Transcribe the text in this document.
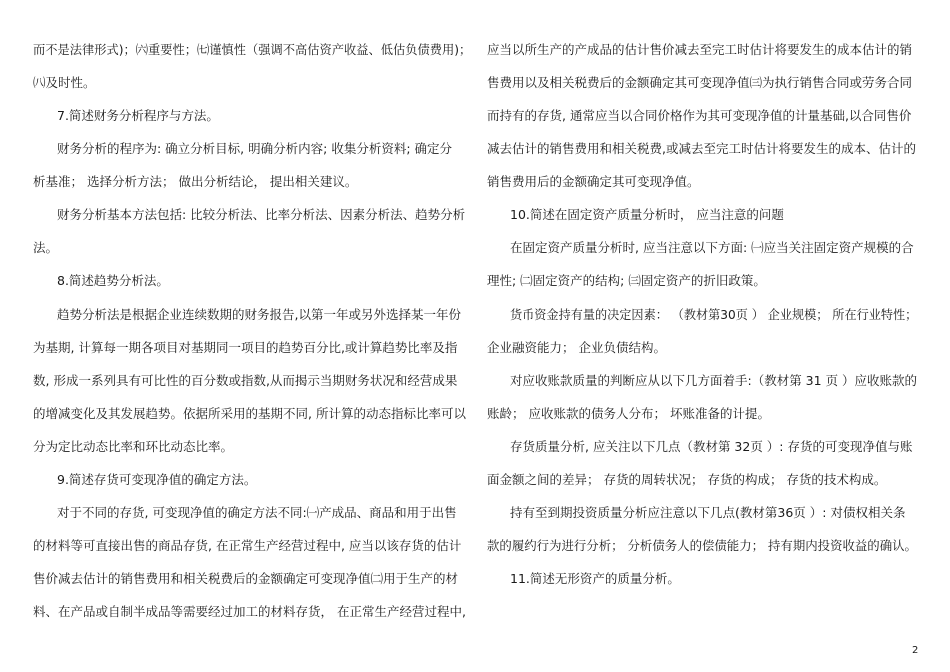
而不是法律形式)；㈥重要性；㈦谨慎性（强调不高估资产收益、低估负债费用)；
㈧及时性。
7.简述财务分析程序与方法。
财务分析的程序为: 确立分析目标, 明确分析内容; 收集分析资料; 确定分
析基准； 选择分析方法； 做出分析结论， 提出相关建议。
财务分析基本方法包括: 比较分析法、比率分析法、因素分析法、趋势分析
法。
8.简述趋势分析法。
趋势分析法是根据企业连续数期的财务报告,以第一年或另外选择某一年份
为基期, 计算每一期各项目对基期同一项目的趋势百分比,或计算趋势比率及指
数, 形成一系列具有可比性的百分数或指数,从而揭示当期财务状况和经营成果
的增减变化及其发展趋势。依据所采用的基期不同, 所计算的动态指标比率可以
分为定比动态比率和环比动态比率。
9.简述存货可变现净值的确定方法。
对于不同的存货, 可变现净值的确定方法不同:㈠产成品、商品和用于出售
的材料等可直接出售的商品存货, 在正常生产经营过程中, 应当以该存货的估计
售价减去估计的销售费用和相关税费后的金额确定可变现净值㈡用于生产的材
料、在产品或自制半成品等需要经过加工的材料存货， 在正常生产经营过程中,
应当以所生产的产成品的估计售价减去至完工时估计将要发生的成本估计的销
售费用以及相关税费后的金额确定其可变现净值㈢为执行销售合同或劳务合同
而持有的存货, 通常应当以合同价格作为其可变现净值的计量基础,以合同售价
减去估计的销售费用和相关税费,或减去至完工时估计将要发生的成本、估计的
销售费用后的金额确定其可变现净值。
10.简述在固定资产质量分析时， 应当注意的问题
在固定资产质量分析时, 应当注意以下方面: ㈠应当关注固定资产规模的合
理性; ㈡固定资产的结构; ㈢固定资产的折旧政策。
货币资金持有量的决定因素： （教材第30页 ） 企业规模； 所在行业特性；
企业融资能力； 企业负债结构。
对应收账款质量的判断应从以下几方面着手:（教材第 31 页 ）应收账款的
账龄； 应收账款的债务人分布； 坏账准备的计提。
存货质量分析, 应关注以下几点（教材第 32页 ）: 存货的可变现净值与账
面金额之间的差异； 存货的周转状况； 存货的构成； 存货的技术构成。
持有至到期投资质量分析应注意以下几点(教材第36页 ）: 对债权相关条
款的履约行为进行分析； 分析债务人的偿债能力； 持有期内投资收益的确认。
11.简述无形资产的质量分析。
2
